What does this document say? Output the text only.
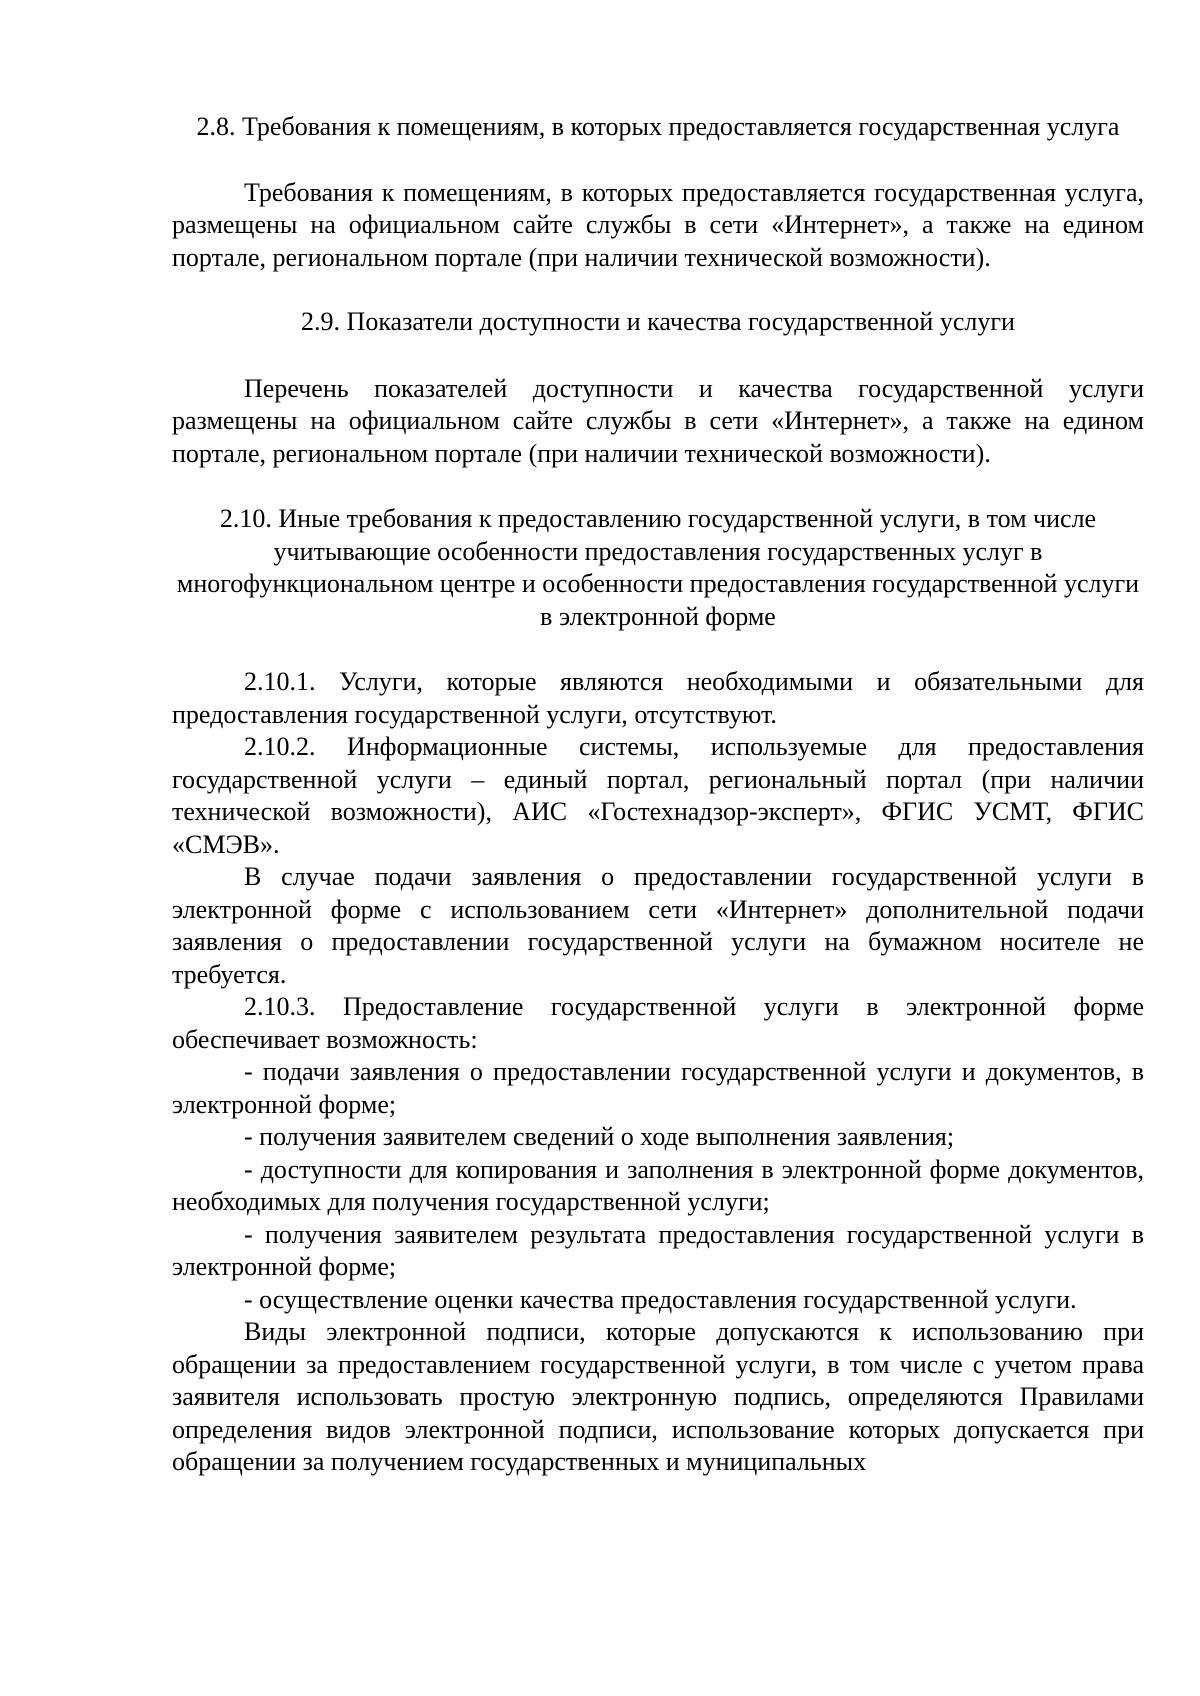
2.8. Требования к помещениям, в которых предоставляется государственная услуга

Требования к помещениям, в которых предоставляется государственная услуга, размещены на официальном сайте службы в сети «Интернет», а также на едином портале, региональном портале (при наличии технической возможности).

2.9. Показатели доступности и качества государственной услуги

Перечень показателей доступности и качества государственной услуги размещены на официальном сайте службы в сети «Интернет», а также на едином портале, региональном портале (при наличии технической возможности).

2.10. Иные требования к предоставлению государственной услуги, в том числе учитывающие особенности предоставления государственных услуг в многофункциональном центре и особенности предоставления государственной услуги в электронной форме

2.10.1. Услуги, которые являются необходимыми и обязательными для предоставления государственной услуги, отсутствуют.

2.10.2. Информационные системы, используемые для предоставления государственной услуги – единый портал, региональный портал (при наличии технической возможности), АИС «Гостехнадзор-эксперт», ФГИС УСМТ, ФГИС «СМЭВ».

В случае подачи заявления о предоставлении государственной услуги в электронной форме с использованием сети «Интернет» дополнительной подачи заявления о предоставлении государственной услуги на бумажном носителе не требуется.

2.10.3. Предоставление государственной услуги в электронной форме обеспечивает возможность:

- подачи заявления о предоставлении государственной услуги и документов, в электронной форме;

- получения заявителем сведений о ходе выполнения заявления;

- доступности для копирования и заполнения в электронной форме документов, необходимых для получения государственной услуги;

- получения заявителем результата предоставления государственной услуги в электронной форме;

- осуществление оценки качества предоставления государственной услуги.

Виды электронной подписи, которые допускаются к использованию при обращении за предоставлением государственной услуги, в том числе с учетом права заявителя использовать простую электронную подпись, определяются Правилами определения видов электронной подписи, использование которых допускается при обращении за получением государственных и муниципальных
